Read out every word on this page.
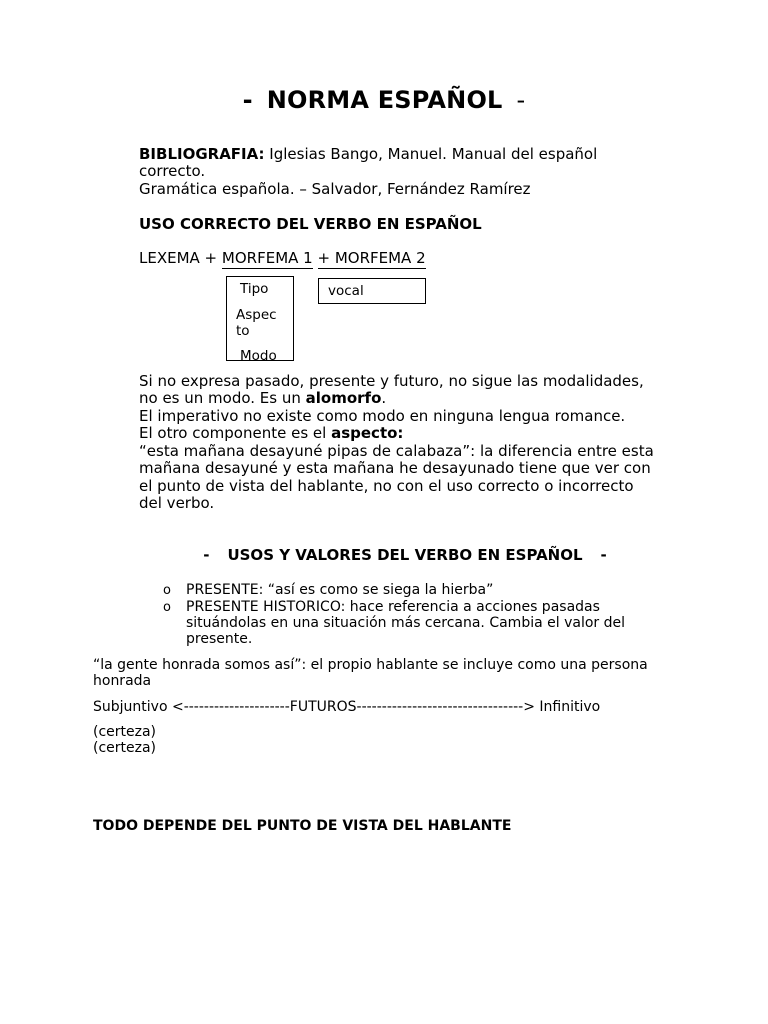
- NORMA ESPAÑOL -
BIBLIOGRAFIA: Iglesias Bango, Manuel. Manual del español
correcto.
Gramática española. – Salvador, Fernández Ramírez
USO CORRECTO DEL VERBO EN ESPAÑOL
LEXEMA + MORFEMA 1 + MORFEMA 2
Tipo
Aspec to
Modo
vocal
Si no expresa pasado, presente y futuro, no sigue las modalidades,
no es un modo. Es un alomorfo.
El imperativo no existe como modo en ninguna lengua romance.
El otro componente es el aspecto:
“esta mañana desayuné pipas de calabaza”: la diferencia entre esta
mañana desayuné y esta mañana he desayunado tiene que ver con
el punto de vista del hablante, no con el uso correcto o incorrecto
del verbo.
- USOS Y VALORES DEL VERBO EN ESPAÑOL -
o PRESENTE: “así es como se siega la hierba”
o PRESENTE HISTORICO: hace referencia a acciones pasadas
situándolas en una situación más cercana. Cambia el valor del
presente.
“la gente honrada somos así”: el propio hablante se incluye como una persona
honrada
Subjuntivo <---------------------FUTUROS---------------------------------> Infinitivo
(certeza)
(certeza)
TODO DEPENDE DEL PUNTO DE VISTA DEL HABLANTE
